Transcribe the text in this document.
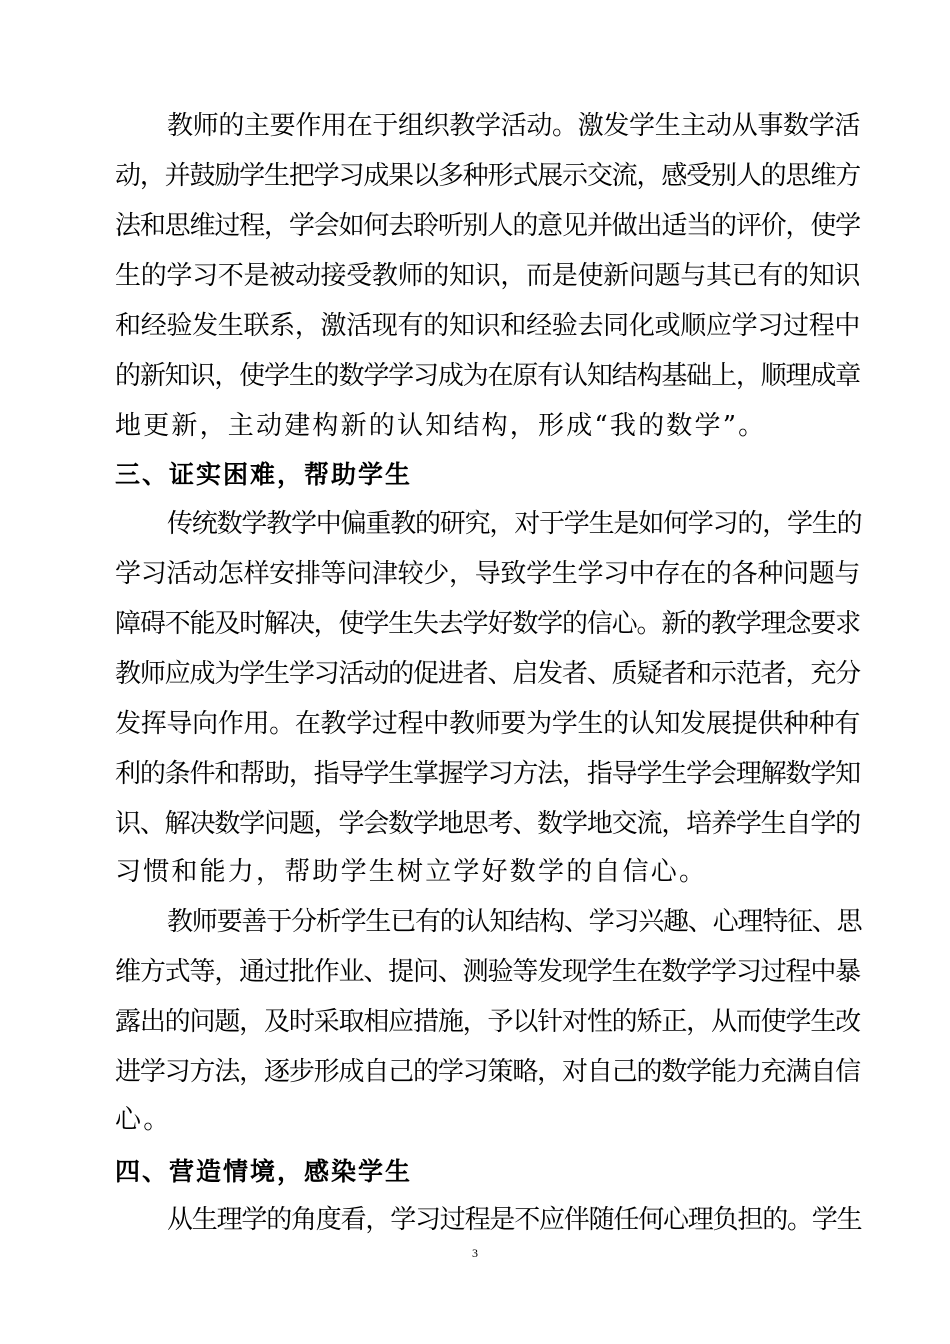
教师的主要作用在于组织教学活动。激发学生主动从事数学活
动，并鼓励学生把学习成果以多种形式展示交流，感受别人的思维方
法和思维过程，学会如何去聆听别人的意见并做出适当的评价，使学
生的学习不是被动接受教师的知识，而是使新问题与其已有的知识
和经验发生联系，激活现有的知识和经验去同化或顺应学习过程中
的新知识，使学生的数学学习成为在原有认知结构基础上，顺理成章
地更新，主动建构新的认知结构，形成“我的数学”。
三、证实困难，帮助学生
传统数学教学中偏重教的研究，对于学生是如何学习的，学生的
学习活动怎样安排等问津较少，导致学生学习中存在的各种问题与
障碍不能及时解决，使学生失去学好数学的信心。新的教学理念要求
教师应成为学生学习活动的促进者、启发者、质疑者和示范者，充分
发挥导向作用。在教学过程中教师要为学生的认知发展提供种种有
利的条件和帮助，指导学生掌握学习方法，指导学生学会理解数学知
识、解决数学问题，学会数学地思考、数学地交流，培养学生自学的
习惯和能力，帮助学生树立学好数学的自信心。
教师要善于分析学生已有的认知结构、学习兴趣、心理特征、思
维方式等，通过批作业、提问、测验等发现学生在数学学习过程中暴
露出的问题，及时采取相应措施，予以针对性的矫正，从而使学生改
进学习方法，逐步形成自己的学习策略，对自己的数学能力充满自信
心。
四、营造情境，感染学生
从生理学的角度看，学习过程是不应伴随任何心理负担的。学生
3
